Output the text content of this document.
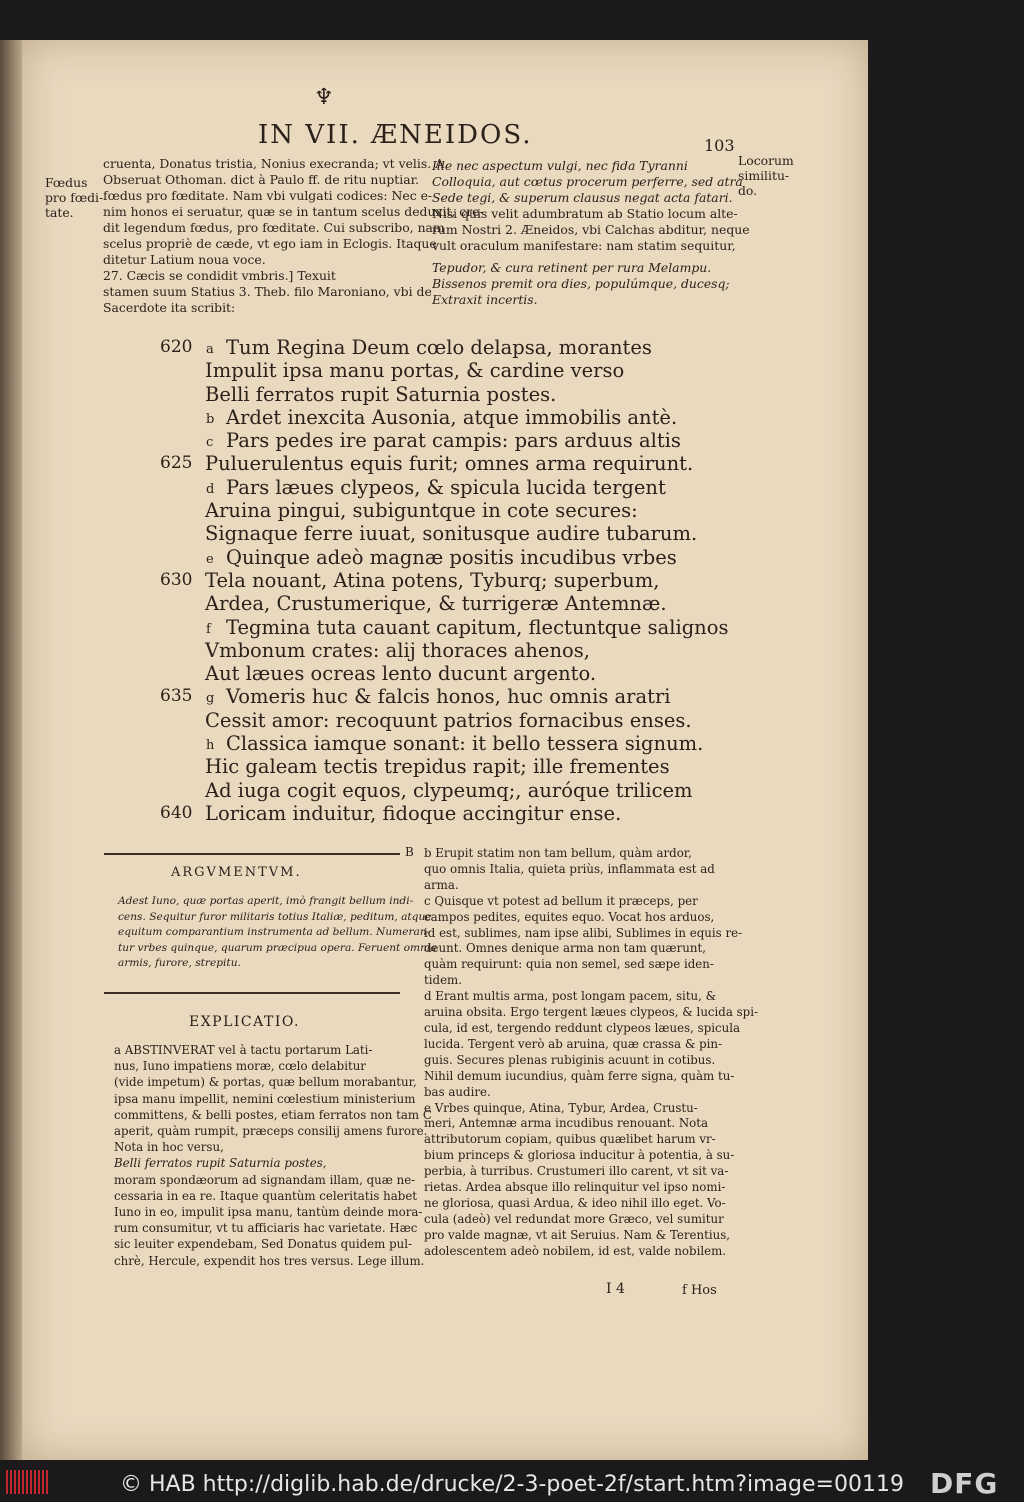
♆
IN VII. ÆNEIDOS.	103

cruenta, Donatus tristia, Nonius execranda; vt velis. A

Obseruat Othoman. dict à Paulo ff. de ritu nuptiar.

fœdus pro fœditate. Nam vbi vulgati codices: Nec e-

nim honos ei seruatur, quæ se in tantum scelus deduxit, cre-

dit legendum fœdus, pro fœditate. Cui subscribo, nam

scelus propriè de cæde, vt ego iam in Eclogis. Itaque

ditetur Latium noua voce.

27. Cæcis se condidit vmbris.] Texuit

stamen suum Statius 3. Theb. filo Maroniano, vbi de

Sacerdote ita scribit:

Fœdus

pro fœdi-

tate.

Ille nec aspectum vulgi, nec fida Tyranni

Colloquia, aut cœtus procerum perferre, sed atra

Sede tegi, & superum clausus negat acta fatari.

Nisi quis velit adumbratum ab Statio locum alte-

rum Nostri 2. Æneidos, vbi Calchas abditur, neque

vult oraculum manifestare: nam statim sequitur,

Tepudor, & cura retinent per rura Melampu.

Bissenos premit ora dies, populúmque, ducesq;

Extraxit incertis.

Locorum

similitu-

do.

620	a Tum Regina Deum cœlo delapsa, morantes
Impulit ipsa manu portas, & cardine verso
Belli ferratos rupit Saturnia postes.
b Ardet inexcita Ausonia, atque immobilis antè.
c Pars pedes ire parat campis: pars arduus altis
625 Puluerulentus equis furit; omnes arma requirunt.
d Pars læues clypeos, & spicula lucida tergent
Aruina pingui, subiguntque in cote secures:
Signaque ferre iuuat, sonitusque audire tubarum.
e Quinque adeò magnæ positis incudibus vrbes
630 Tela nouant, Atina potens, Tyburq; superbum,
Ardea, Crustumerique, & turrigeræ Antemnæ.
f Tegmina tuta cauant capitum, flectuntque salignos
Vmbonum crates: alij thoraces ahenos,
Aut læues ocreas lento ducunt argento.
635	g Vomeris huc & falcis honos, huc omnis aratri
Cessit amor: recoquunt patrios fornacibus enses.
h Classica iamque sonant: it bello tessera signum.
Hic galeam tectis trepidus rapit; ille frementes
Ad iuga cogit equos, clypeumq;, auróque trilicem
640 Loricam induitur, fidoque accingitur ense.
ARGVMENTVM.

Adest Iuno, quæ portas aperit, imò frangit bellum indi-

cens. Sequitur furor militaris totius Italiæ, peditum, atque

equitum comparantium instrumenta ad bellum. Numeran-

tur vrbes quinque, quarum præcipua opera. Feruent omnia

armis, furore, strepitu.

EXPLICATIO.

a ABSTINVERAT vel à tactu portarum Lati-

nus, Iuno impatiens moræ, cœlo delabitur

(vide impetum) & portas, quæ bellum morabantur,

ipsa manu impellit, nemini cœlestium ministerium

committens, & belli postes, etiam ferratos non tam C

aperit, quàm rumpit, præceps consilij amens furore.

Nota in hoc versu,

Belli ferratos rupit Saturnia postes,

moram spondæorum ad signandam illam, quæ ne-

cessaria in ea re. Itaque quantùm celeritatis habet

Iuno in eo, impulit ipsa manu, tantùm deinde mora-

rum consumitur, vt tu afficiaris hac varietate. Hæc

sic leuiter expendebam, Sed Donatus quidem pul-

chrè, Hercule, expendit hos tres versus. Lege illum.

B b Erupit statim non tam bellum, quàm ardor,

quo omnis Italia, quieta priùs, inflammata est ad

arma.

c Quisque vt potest ad bellum it præceps, per

campos pedites, equites equo. Vocat hos arduos,

id est, sublimes, nam ipse alibi, Sublimes in equis re-

deunt. Omnes denique arma non tam quærunt,

quàm requirunt: quia non semel, sed sæpe iden-

tidem.

d Erant multis arma, post longam pacem, situ, &

aruina obsita. Ergo tergent læues clypeos, & lucida spi-

cula, id est, tergendo reddunt clypeos læues, spicula

lucida. Tergent verò ab aruina, quæ crassa & pin-

guis. Secures plenas rubiginis acuunt in cotibus.

Nihil demum iucundius, quàm ferre signa, quàm tu-

bas audire.

e Vrbes quinque, Atina, Tybur, Ardea, Crustu-

meri, Antemnæ arma incudibus renouant. Nota

attributorum copiam, quibus quælibet harum vr-

bium princeps & gloriosa inducitur à potentia, à su-

perbia, à turribus. Crustumeri illo carent, vt sit va-

rietas. Ardea absque illo relinquitur vel ipso nomi-

ne gloriosa, quasi Ardua, & ideo nihil illo eget. Vo-

cula (adeò) vel redundat more Græco, vel sumitur

pro valde magnæ, vt ait Seruius. Nam & Terentius,

adolescentem adeò nobilem, id est, valde nobilem.

I 4	f Hos
© HAB http://diglib.hab.de/drucke/2-3-poet-2f/start.htm?image=00119 DFG
